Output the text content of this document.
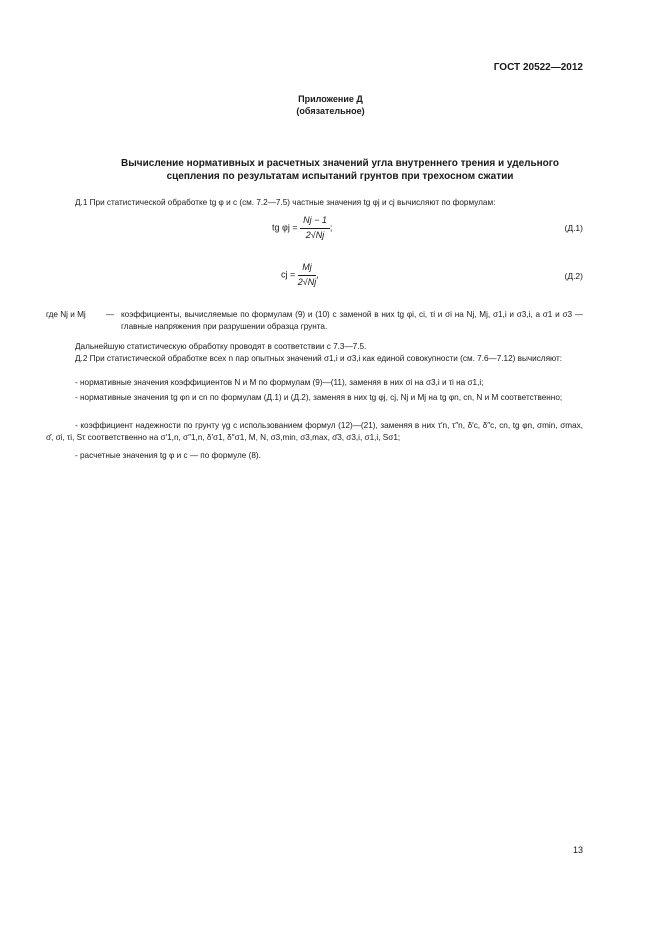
ГОСТ 20522—2012
Приложение Д
(обязательное)
Вычисление нормативных и расчетных значений угла внутреннего трения и удельного
сцепления по результатам испытаний грунтов при трехосном сжатии
Д.1 При статистической обработке tg φ и с (см. 7.2—7.5) частные значения tg φj и cj вычисляют по формулам:
tg $\varphi j = \frac{Nj - 1}{2√Nj}$ ;	(Д.1)
cj = $\frac{Mj}{2√Nj}$ ,	(Д.2)
где Nj и Mj — коэффициенты, вычисляемые по формулам (9) и (10) с заменой в них tg φi, ci, τi и σi на Nj, Mj, σ1,i и σ3,i, а σ1 и σ3 — главные напряжения при разрушении образца грунта.
Дальнейшую статистическую обработку проводят в соответствии с 7.3—7.5.
Д.2 При статистической обработке всех n пар опытных значений σ1,i и σ3,i как единой совокупности (см. 7.6—7.12) вычисляют:
- нормативные значения коэффициентов N и M по формулам (9)—(11), заменяя в них σi на σ3,i и τi на σ1,i;
- нормативные значения tg φn и cn по формулам (Д.1) и (Д.2), заменяя в них tg φj, cj, Nj и Mj на tg φn, cn, N и M соответственно;
- коэффициент надежности по грунту γg с использованием формул (12)—(21), заменяя в них τ′n, τ″n, δ′c, δ″c, cn, tg φn, σmin, σmax, σ̄, σi, τi, Sτ соответственно на σ′1,n, σ″1,n, δ′σ1, δ″σ1, M, N, σ3,min, σ3,max, σ̄3, σ3,i, σ1,i, Sσ1;
- расчетные значения tg φ и c — по формуле (8).
13
